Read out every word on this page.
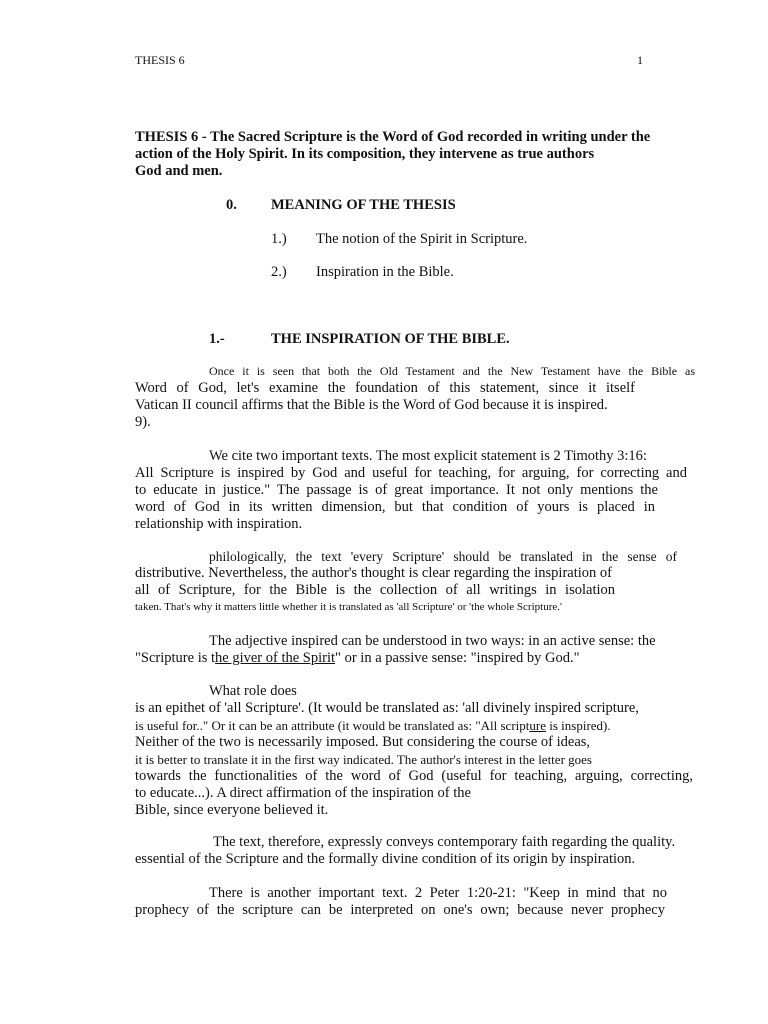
THESIS 6	1
THESIS 6 - The Sacred Scripture is the Word of God recorded in writing under the
action of the Holy Spirit. In its composition, they intervene as true authors
God and men.
0. MEANING OF THE THESIS
1.) The notion of the Spirit in Scripture.
2.) Inspiration in the Bible.
1.-	THE INSPIRATION OF THE BIBLE.
Once it is seen that both the Old Testament and the New Testament have the Bible as
Word of God, let's examine the foundation of this statement, since it itself
Vatican II council affirms that the Bible is the Word of God because it is inspired.
9).
We cite two important texts. The most explicit statement is 2 Timothy 3:16:
All Scripture is inspired by God and useful for teaching, for arguing, for correcting and
to educate in justice." The passage is of great importance. It not only mentions the
word of God in its written dimension, but that condition of yours is placed in
relationship with inspiration.
philologically, the text 'every Scripture' should be translated in the sense of
distributive. Nevertheless, the author's thought is clear regarding the inspiration of
all of Scripture, for the Bible is the collection of all writings in isolation
taken. That's why it matters little whether it is translated as 'all Scripture' or 'the whole Scripture.'
The adjective inspired can be understood in two ways: in an active sense: the
"Scripture is the giver of the Spirit" or in a passive sense: "inspired by God."
What role does
is an epithet of 'all Scripture'. (It would be translated as: 'all divinely inspired scripture,
is useful for.." Or it can be an attribute (it would be translated as: "All scripture is inspired).
Neither of the two is necessarily imposed. But considering the course of ideas,
it is better to translate it in the first way indicated. The author's interest in the letter goes
towards the functionalities of the word of God (useful for teaching, arguing, correcting,
to educate...). A direct affirmation of the inspiration of the
Bible, since everyone believed it.
The text, therefore, expressly conveys contemporary faith regarding the quality.
essential of the Scripture and the formally divine condition of its origin by inspiration.
There is another important text. 2 Peter 1:20-21: "Keep in mind that no
prophecy of the scripture can be interpreted on one's own; because never prophecy
